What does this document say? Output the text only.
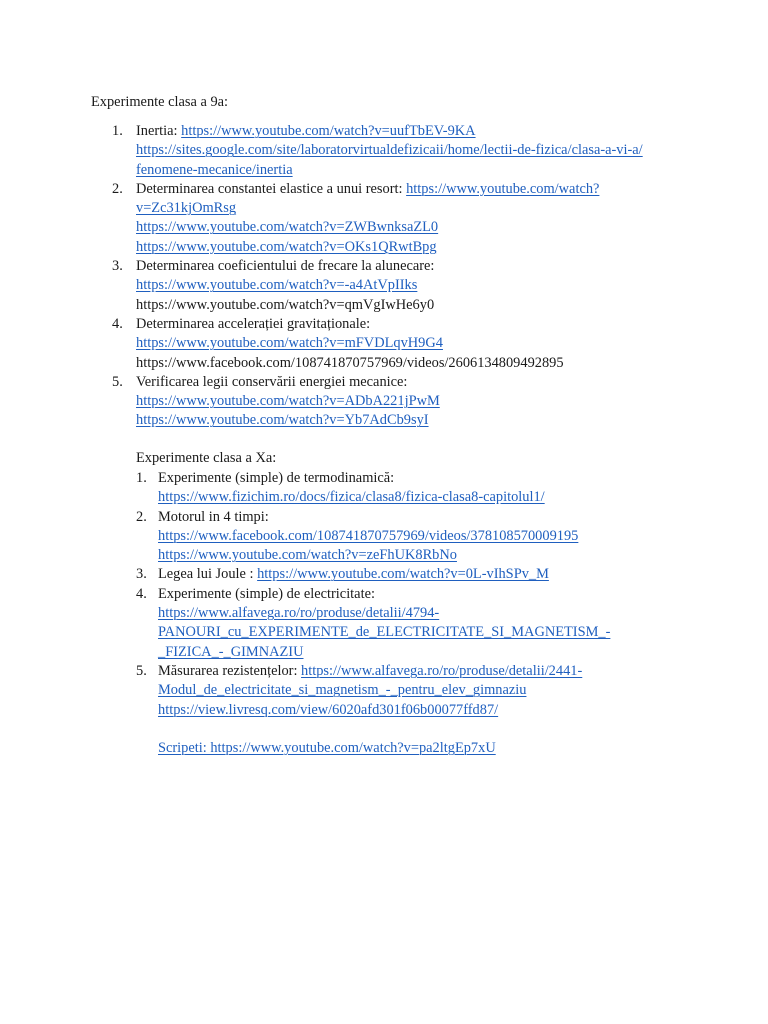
Experimente clasa a 9a:

1. Inertia: https://www.youtube.com/watch?v=uufTbEV-9KA
https://sites.google.com/site/laboratorvirtualdefizicaii/home/lectii-de-fizica/clasa-a-vi-a/
fenomene-mecanice/inertia
2. Determinarea constantei elastice a unui resort: https://www.youtube.com/watch?
v=Zc31kjOmRsg
https://www.youtube.com/watch?v=ZWBwnksaZL0
https://www.youtube.com/watch?v=OKs1QRwtBpg
3. Determinarea coeficientului de frecare la alunecare:
https://www.youtube.com/watch?v=-a4AtVpIIks
https://www.youtube.com/watch?v=qmVgIwHe6y0
4. Determinarea accelerației gravitaționale:
https://www.youtube.com/watch?v=mFVDLqvH9G4
https://www.facebook.com/108741870757969/videos/2606134809492895
5. Verificarea legii conservării energiei mecanice:
https://www.youtube.com/watch?v=ADbA221jPwM
https://www.youtube.com/watch?v=Yb7AdCb9syI

Experimente clasa a Xa:

1. Experimente (simple) de termodinamică:
https://www.fizichim.ro/docs/fizica/clasa8/fizica-clasa8-capitolul1/
2. Motorul in 4 timpi:
https://www.facebook.com/108741870757969/videos/378108570009195
https://www.youtube.com/watch?v=zeFhUK8RbNo
3. Legea lui Joule : https://www.youtube.com/watch?v=0L-vIhSPv_M
4. Experimente (simple) de electricitate:
https://www.alfavega.ro/ro/produse/detalii/4794-
PANOURI_cu_EXPERIMENTE_de_ELECTRICITATE_SI_MAGNETISM_-
_FIZICA_-_GIMNAZIU
5. Măsurarea rezistențelor: https://www.alfavega.ro/ro/produse/detalii/2441-
Modul_de_electricitate_si_magnetism_-_pentru_elev_gimnaziu
https://view.livresq.com/view/6020afd301f06b00077ffd87/
Scripeti: https://www.youtube.com/watch?v=pa2ltgEp7xU
